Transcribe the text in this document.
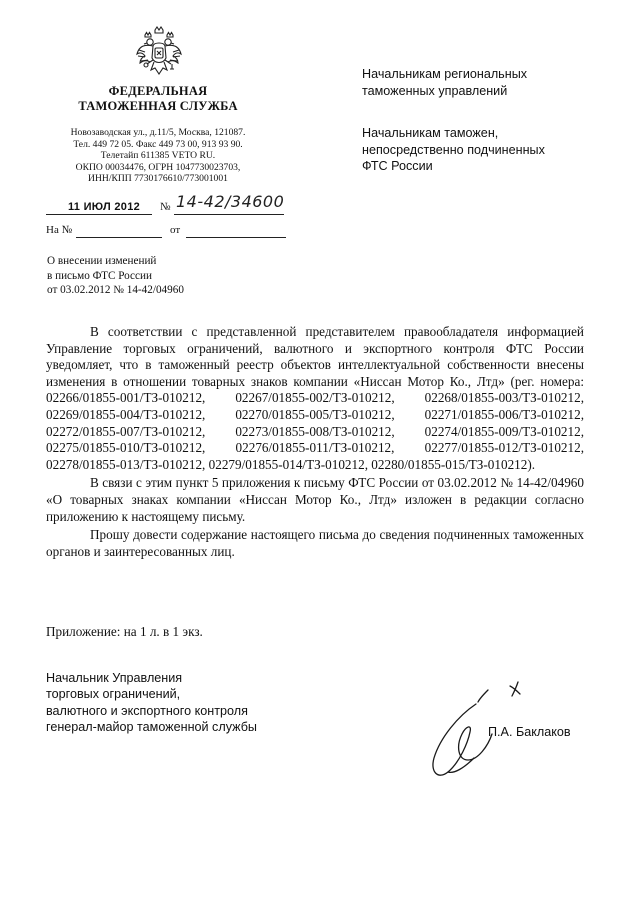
ФЕДЕРАЛЬНАЯ
ТАМОЖЕННАЯ СЛУЖБА
Новозаводская ул., д.11/5, Москва, 121087.
Тел. 449 72 05. Факс 449 73 00, 913 93 90.
Телетайп 611385 VETO RU.
ОКПО 00034476, ОГРН 1047730023703,
ИНН/КПП 7730176610/773001001
11 ИЮЛ 2012 № 14-42/34600
На №	от
О внесении изменений
в письмо ФТС России
от 03.02.2012 № 14-42/04960
Начальникам региональных
таможенных управлений
Начальникам таможен,
непосредственно подчиненных
ФТС России

В соответствии с представленной представителем правообладателя информацией Управление торговых ограничений, валютного и экспортного контроля ФТС России уведомляет, что в таможенный реестр объектов интеллектуальной собственности внесены изменения в отношении товарных знаков компании «Ниссан Мотор Ко., Лтд» (рег. номера: 02266/01855-001/ТЗ-010212, 02267/01855-002/ТЗ-010212, 02268/01855-003/ТЗ-010212, 02269/01855-004/ТЗ-010212, 02270/01855-005/ТЗ-010212, 02271/01855-006/ТЗ-010212, 02272/01855-007/ТЗ-010212, 02273/01855-008/ТЗ-010212, 02274/01855-009/ТЗ-010212, 02275/01855-010/ТЗ-010212, 02276/01855-011/ТЗ-010212, 02277/01855-012/ТЗ-010212, 02278/01855-013/ТЗ-010212, 02279/01855-014/ТЗ-010212, 02280/01855-015/ТЗ-010212).

В связи с этим пункт 5 приложения к письму ФТС России от 03.02.2012 № 14-42/04960 «О товарных знаках компании «Ниссан Мотор Ко., Лтд» изложен в редакции согласно приложению к настоящему письму.

Прошу довести содержание настоящего письма до сведения подчиненных таможенных органов и заинтересованных лиц.

Приложение: на 1 л. в 1 экз.
Начальник Управления
торговых ограничений,
валютного и экспортного контроля
генерал-майор таможенной службы	П.А. Баклаков
